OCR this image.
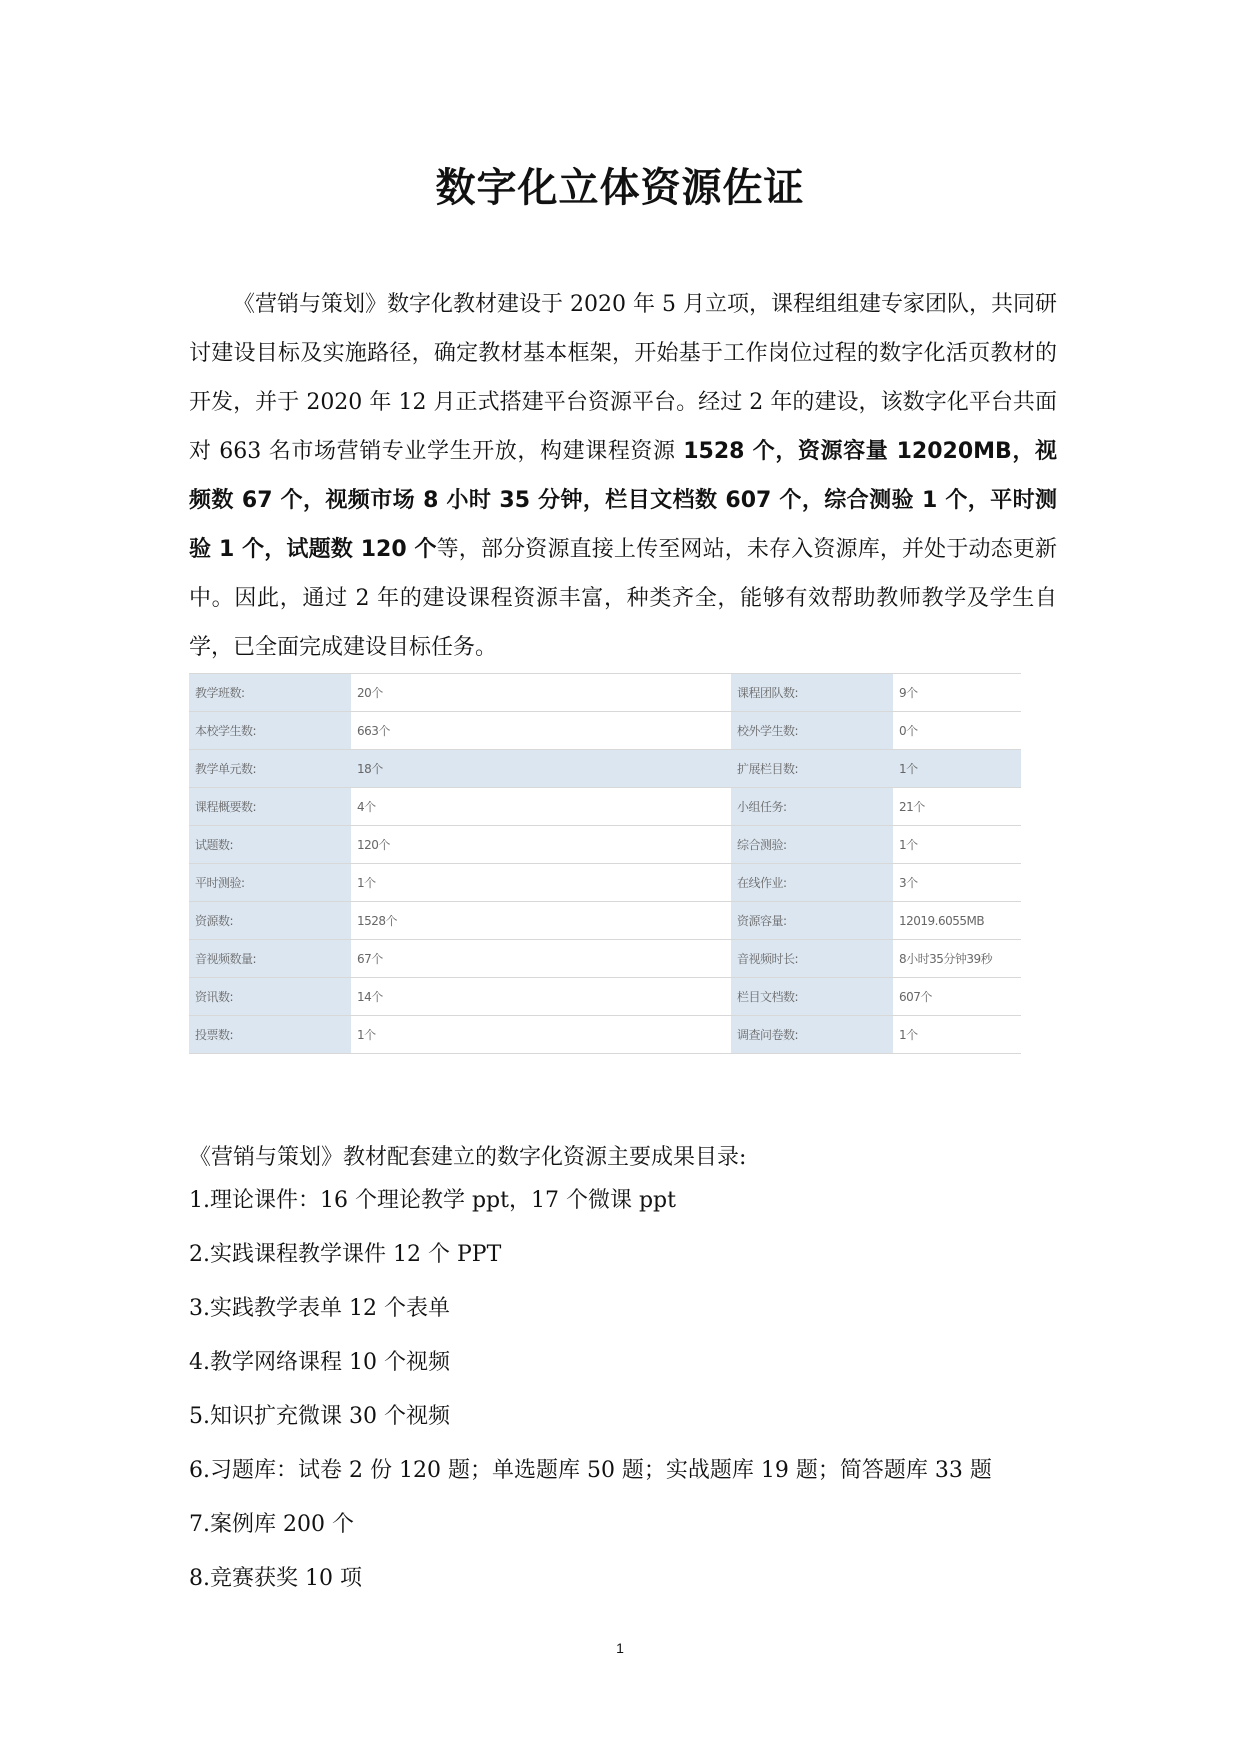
数字化立体资源佐证

《营销与策划》数字化教材建设于 2020 年 5 月立项，课程组组建专家团队，共同研讨建设目标及实施路径，确定教材基本框架，开始基于工作岗位过程的数字化活页教材的开发，并于 2020 年 12 月正式搭建平台资源平台。经过 2 年的建设，该数字化平台共面对 663 名市场营销专业学生开放，构建课程资源 1528 个，资源容量 12020MB，视频数 67 个，视频市场 8 小时 35 分钟，栏目文档数 607 个，综合测验 1 个，平时测验 1 个，试题数 120 个等，部分资源直接上传至网站，未存入资源库，并处于动态更新中。因此，通过 2 年的建设课程资源丰富，种类齐全，能够有效帮助教师教学及学生自学，已全面完成建设目标任务。

教学班数:	20个	课程团队数:	9个
本校学生数:	663个	校外学生数:	0个
教学单元数:	18个	扩展栏目数:	1个
课程概要数:	4个	小组任务:	21个
试题数:	120个	综合测验:	1个
平时测验:	1个	在线作业:	3个
资源数:	1528个	资源容量:	12019.6055MB
音视频数量:	67个	音视频时长:	8小时35分钟39秒
资讯数:	14个	栏目文档数:	607个
投票数:	1个	调查问卷数:	1个

《营销与策划》教材配套建立的数字化资源主要成果目录:

1.理论课件：16 个理论教学 ppt，17 个微课 ppt
2.实践课程教学课件 12 个 PPT
3.实践教学表单 12 个表单
4.教学网络课程 10 个视频
5.知识扩充微课 30 个视频
6.习题库：试卷 2 份 120 题；单选题库 50 题；实战题库 19 题；简答题库 33 题
7.案例库 200 个
8.竞赛获奖 10 项
1
